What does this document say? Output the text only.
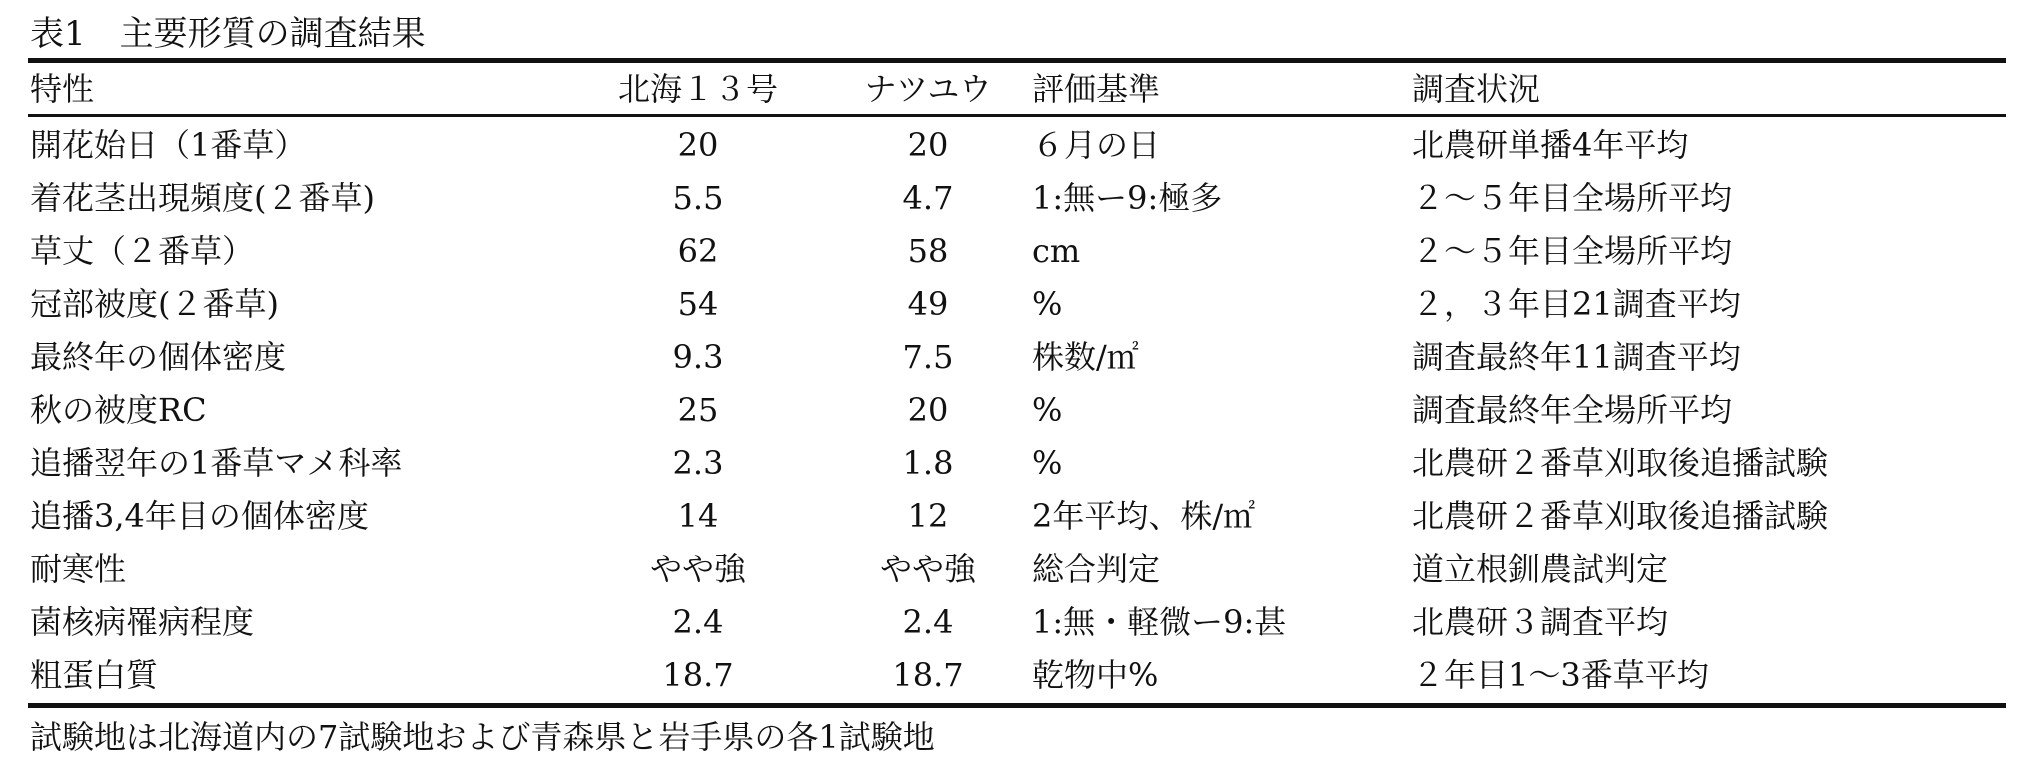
表1　主要形質の調査結果
特性	北海１３号	ナツユウ	評価基準	調査状況
開花始日（1番草）	20	20	６月の日	北農研単播4年平均
着花茎出現頻度(２番草)	5.5	4.7	1:無ー9:極多	２〜５年目全場所平均
草丈（２番草）	62	58	cm	２〜５年目全場所平均
冠部被度(２番草)	54	49	%	２，３年目21調査平均
最終年の個体密度	9.3	7.5	株数/㎡	調査最終年11調査平均
秋の被度RC	25	20	%	調査最終年全場所平均
追播翌年の1番草マメ科率	2.3	1.8	%	北農研２番草刈取後追播試験
追播3,4年目の個体密度	14	12	2年平均、株/㎡	北農研２番草刈取後追播試験
耐寒性	やや強	やや強	総合判定	道立根釧農試判定
菌核病罹病程度	2.4	2.4	1:無・軽微ー9:甚	北農研３調査平均
粗蛋白質	18.7	18.7	乾物中%	２年目1〜3番草平均
試験地は北海道内の7試験地および青森県と岩手県の各1試験地
